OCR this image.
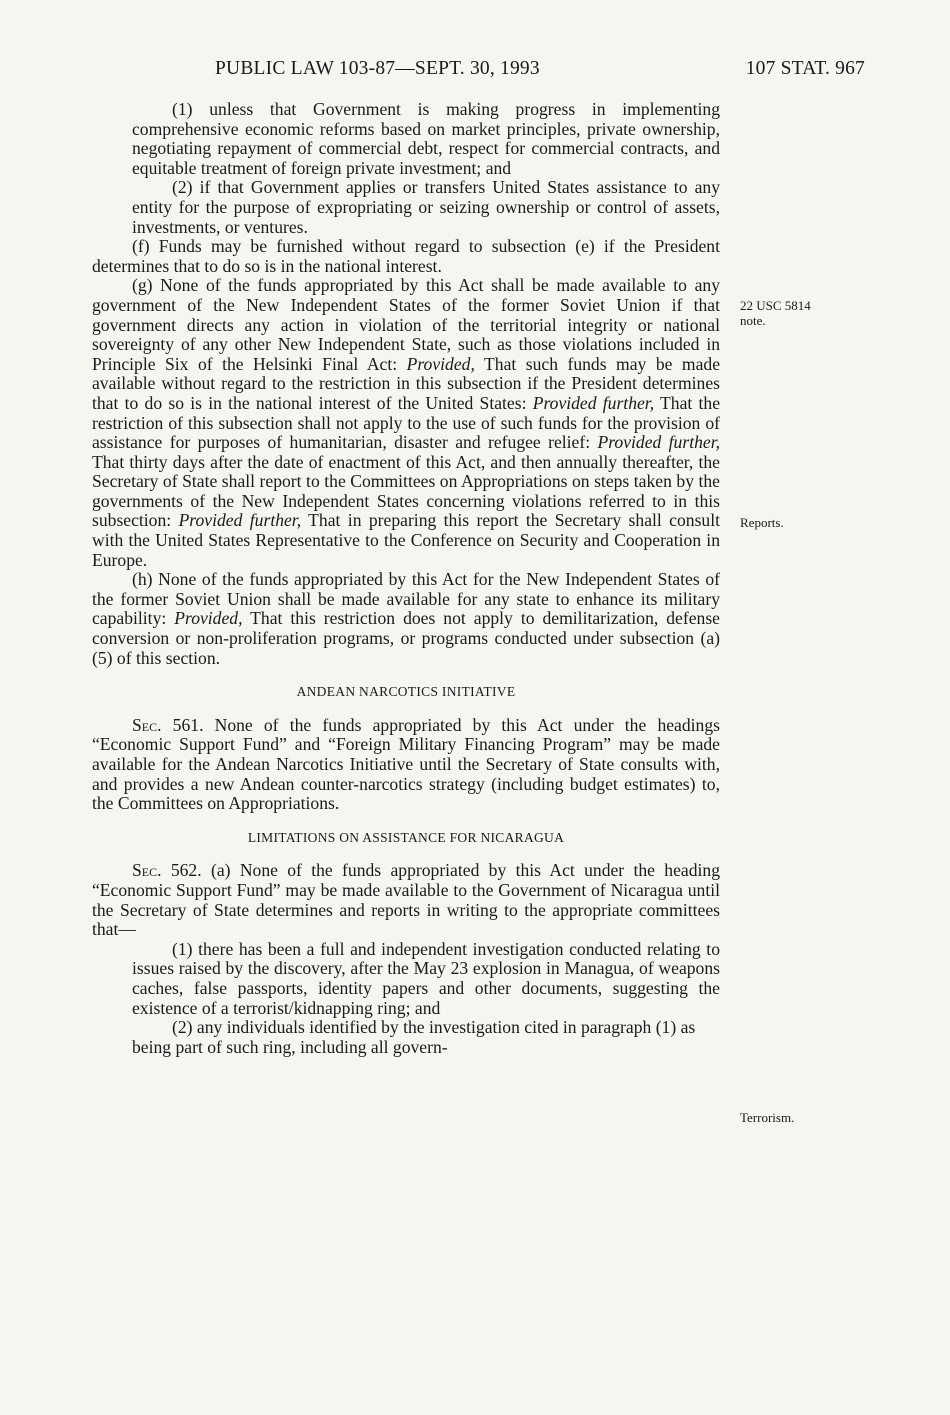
PUBLIC LAW 103-87—SEPT. 30, 1993	107 STAT. 967
22 USC 5814
note.
Reports.
Terrorism.

(1) unless that Government is making progress in implementing comprehensive economic reforms based on market principles, private ownership, negotiating repayment of commercial debt, respect for commercial contracts, and equitable treatment of foreign private investment; and

(2) if that Government applies or transfers United States assistance to any entity for the purpose of expropriating or seizing ownership or control of assets, investments, or ventures.

(f) Funds may be furnished without regard to subsection (e) if the President determines that to do so is in the national interest.

(g) None of the funds appropriated by this Act shall be made available to any government of the New Independent States of the former Soviet Union if that government directs any action in violation of the territorial integrity or national sovereignty of any other New Independent State, such as those violations included in Principle Six of the Helsinki Final Act: Provided, That such funds may be made available without regard to the restriction in this subsection if the President determines that to do so is in the national interest of the United States: Provided further, That the restriction of this subsection shall not apply to the use of such funds for the provision of assistance for purposes of humanitarian, disaster and refugee relief: Provided further, That thirty days after the date of enactment of this Act, and then annually thereafter, the Secretary of State shall report to the Committees on Appropriations on steps taken by the governments of the New Independent States concerning violations referred to in this subsection: Provided further, That in preparing this report the Secretary shall consult with the United States Representative to the Conference on Security and Cooperation in Europe.

(h) None of the funds appropriated by this Act for the New Independent States of the former Soviet Union shall be made available for any state to enhance its military capability: Provided, That this restriction does not apply to demilitarization, defense conversion or non-proliferation programs, or programs conducted under subsection (a)(5) of this section.

ANDEAN NARCOTICS INITIATIVE

Sec. 561. None of the funds appropriated by this Act under the headings “Economic Support Fund” and “Foreign Military Financing Program” may be made available for the Andean Narcotics Initiative until the Secretary of State consults with, and provides a new Andean counter-narcotics strategy (including budget estimates) to, the Committees on Appropriations.

LIMITATIONS ON ASSISTANCE FOR NICARAGUA

Sec. 562. (a) None of the funds appropriated by this Act under the heading “Economic Support Fund” may be made available to the Government of Nicaragua until the Secretary of State determines and reports in writing to the appropriate committees that—

(1) there has been a full and independent investigation conducted relating to issues raised by the discovery, after the May 23 explosion in Managua, of weapons caches, false passports, identity papers and other documents, suggesting the existence of a terrorist/kidnapping ring; and

(2) any individuals identified by the investigation cited in paragraph (1) as being part of such ring, including all govern-
